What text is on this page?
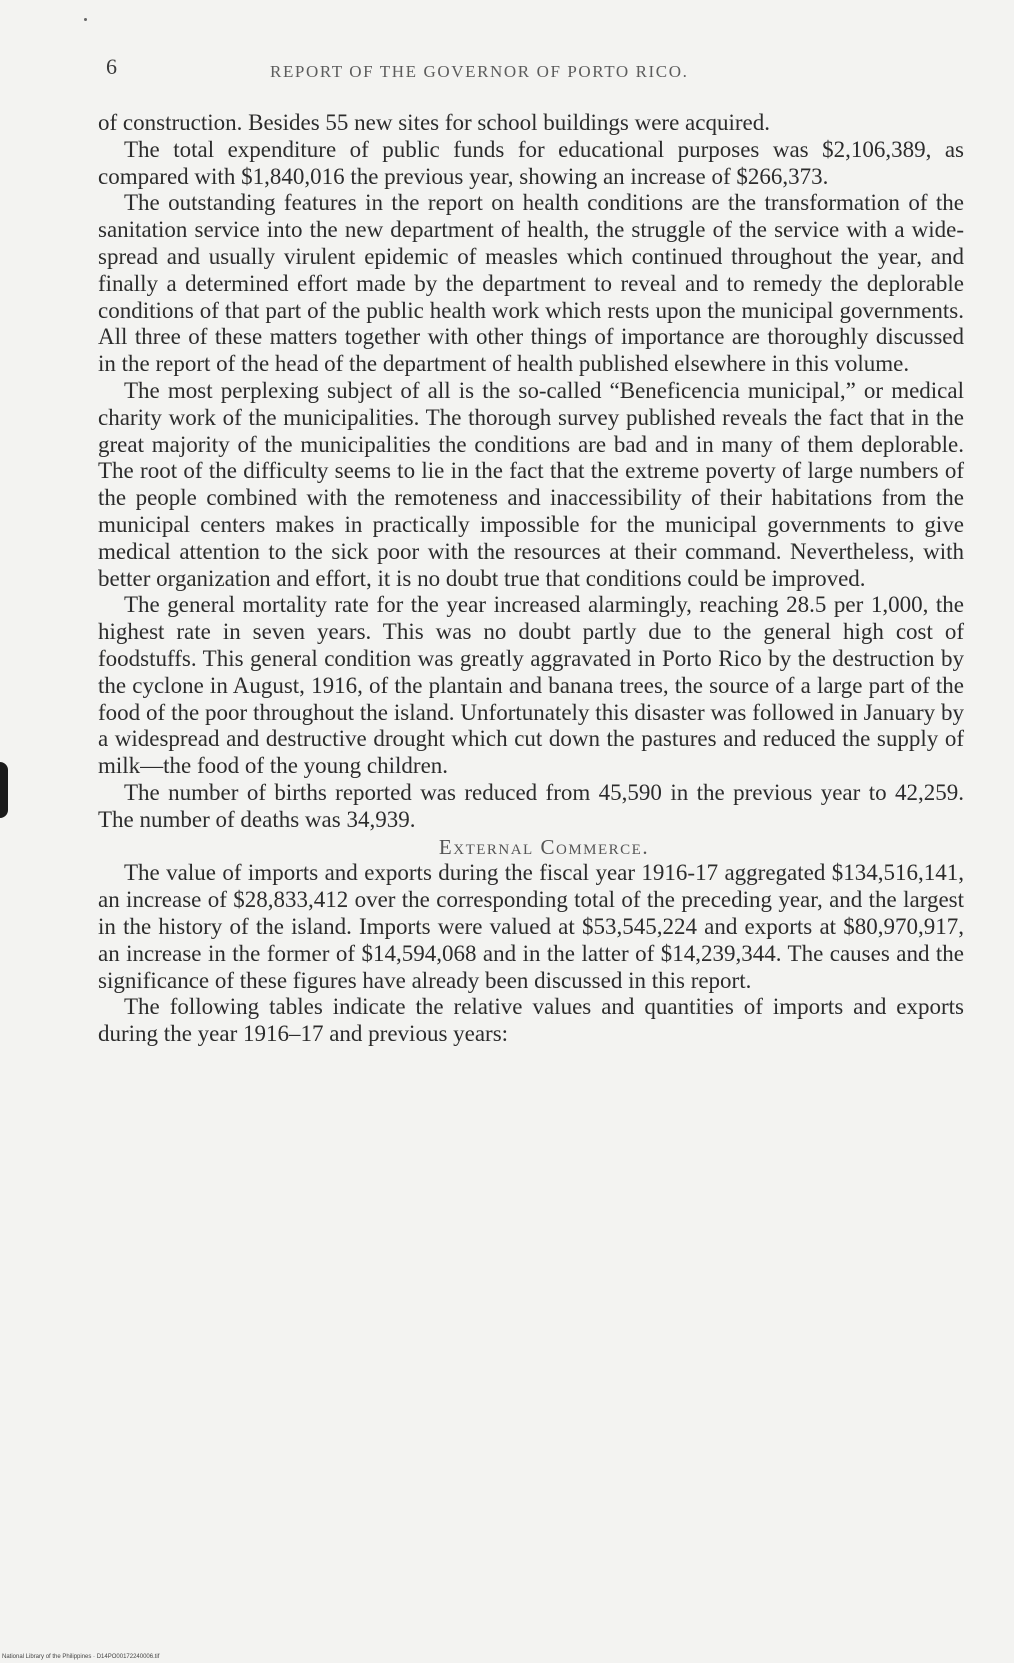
6	REPORT OF THE GOVERNOR OF PORTO RICO.

of construction. Besides 55 new sites for school buildings were acquired.

The total expenditure of public funds for educational purposes was $2,106,389, as compared with $1,840,016 the previous year, showing an increase of $266,373.

The outstanding features in the report on health conditions are the transformation of the sanitation service into the new department of health, the struggle of the service with a wide-spread and usually virulent epidemic of measles which continued throughout the year, and finally a determined effort made by the department to reveal and to remedy the deplorable conditions of that part of the public health work which rests upon the municipal governments. All three of these matters together with other things of importance are thoroughly discussed in the report of the head of the department of health published elsewhere in this volume.

The most perplexing subject of all is the so-called “Beneficencia municipal,” or medical charity work of the municipalities. The thorough survey published reveals the fact that in the great majority of the municipalities the conditions are bad and in many of them deplorable. The root of the difficulty seems to lie in the fact that the extreme poverty of large numbers of the people combined with the remoteness and inaccessibility of their habitations from the municipal centers makes in practically impossible for the municipal governments to give medical attention to the sick poor with the resources at their command. Nevertheless, with better organization and effort, it is no doubt true that conditions could be improved.

The general mortality rate for the year increased alarmingly, reaching 28.5 per 1,000, the highest rate in seven years. This was no doubt partly due to the general high cost of foodstuffs. This general condition was greatly aggravated in Porto Rico by the destruction by the cyclone in August, 1916, of the plantain and banana trees, the source of a large part of the food of the poor throughout the island. Unfortunately this disaster was followed in January by a widespread and destructive drought which cut down the pastures and reduced the supply of milk—the food of the young children.

The number of births reported was reduced from 45,590 in the previous year to 42,259. The number of deaths was 34,939.

External Commerce.

The value of imports and exports during the fiscal year 1916-17 aggregated $134,516,141, an increase of $28,833,412 over the corresponding total of the preceding year, and the largest in the history of the island. Imports were valued at $53,545,224 and exports at $80,970,917, an increase in the former of $14,594,068 and in the latter of $14,239,344. The causes and the significance of these figures have already been discussed in this report.

The following tables indicate the relative values and quantities of imports and exports during the year 1916–17 and previous years:

National Library of the Philippines · D14PO00172240006.tif
